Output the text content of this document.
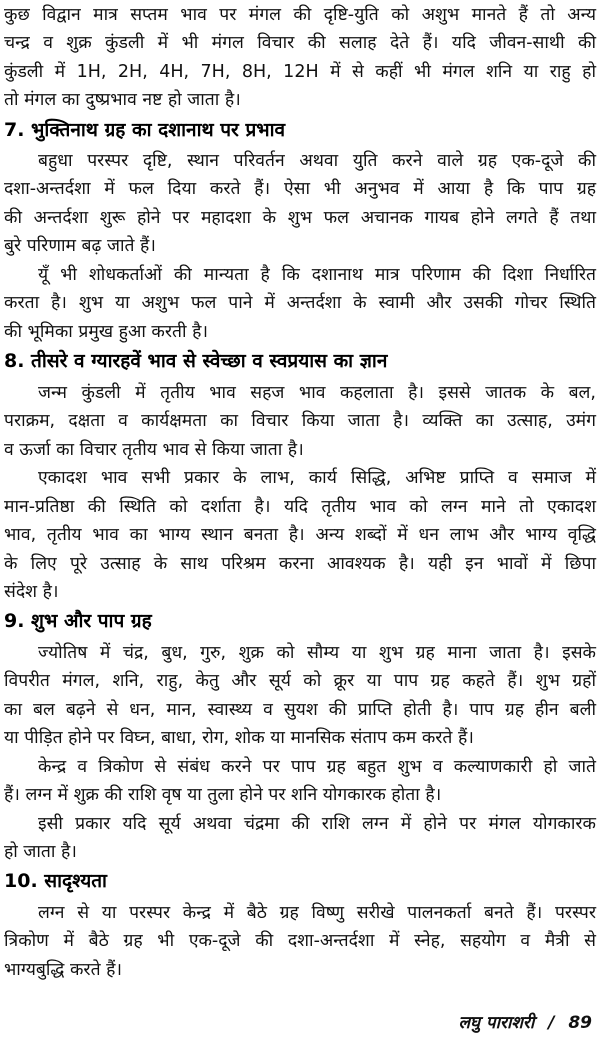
कुछ विद्वान मात्र सप्तम भाव पर मंगल की दृष्टि-युति को अशुभ मानते हैं तो अन्य
चन्द्र व शुक्र कुंडली में भी मंगल विचार की सलाह देते हैं। यदि जीवन-साथी की
कुंडली में 1H, 2H, 4H, 7H, 8H, 12H में से कहीं भी मंगल शनि या राहु हो
तो मंगल का दुष्प्रभाव नष्ट हो जाता है।
7. भुक्तिनाथ ग्रह का दशानाथ पर प्रभाव
बहुधा परस्पर दृष्टि, स्थान परिवर्तन अथवा युति करने वाले ग्रह एक-दूजे की
दशा-अन्तर्दशा में फल दिया करते हैं। ऐसा भी अनुभव में आया है कि पाप ग्रह
की अन्तर्दशा शुरू होने पर महादशा के शुभ फल अचानक गायब होने लगते हैं तथा
बुरे परिणाम बढ़ जाते हैं।
यूँ भी शोधकर्ताओं की मान्यता है कि दशानाथ मात्र परिणाम की दिशा निर्धारित
करता है। शुभ या अशुभ फल पाने में अन्तर्दशा के स्वामी और उसकी गोचर स्थिति
की भूमिका प्रमुख हुआ करती है।
8. तीसरे व ग्यारहवें भाव से स्वेच्छा व स्वप्रयास का ज्ञान
जन्म कुंडली में तृतीय भाव सहज भाव कहलाता है। इससे जातक के बल,
पराक्रम, दक्षता व कार्यक्षमता का विचार किया जाता है। व्यक्ति का उत्साह, उमंग
व ऊर्जा का विचार तृतीय भाव से किया जाता है।
एकादश भाव सभी प्रकार के लाभ, कार्य सिद्धि, अभिष्ट प्राप्ति व समाज में
मान-प्रतिष्ठा की स्थिति को दर्शाता है। यदि तृतीय भाव को लग्न माने तो एकादश
भाव, तृतीय भाव का भाग्य स्थान बनता है। अन्य शब्दों में धन लाभ और भाग्य वृद्धि
के लिए पूरे उत्साह के साथ परिश्रम करना आवश्यक है। यही इन भावों में छिपा
संदेश है।
9. शुभ और पाप ग्रह
ज्योतिष में चंद्र, बुध, गुरु, शुक्र को सौम्य या शुभ ग्रह माना जाता है। इसके
विपरीत मंगल, शनि, राहु, केतु और सूर्य को क्रूर या पाप ग्रह कहते हैं। शुभ ग्रहों
का बल बढ़ने से धन, मान, स्वास्थ्य व सुयश की प्राप्ति होती है। पाप ग्रह हीन बली
या पीड़ित होने पर विघ्न, बाधा, रोग, शोक या मानसिक संताप कम करते हैं।
केन्द्र व त्रिकोण से संबंध करने पर पाप ग्रह बहुत शुभ व कल्याणकारी हो जाते
हैं। लग्न में शुक्र की राशि वृष या तुला होने पर शनि योगकारक होता है।
इसी प्रकार यदि सूर्य अथवा चंद्रमा की राशि लग्न में होने पर मंगल योगकारक
हो जाता है।
10. सादृश्यता
लग्न से या परस्पर केन्द्र में बैठे ग्रह विष्णु सरीखे पालनकर्ता बनते हैं। परस्पर
त्रिकोण में बैठे ग्रह भी एक-दूजे की दशा-अन्तर्दशा में स्नेह, सहयोग व मैत्री से
भाग्यबुद्धि करते हैं।
लघु पाराशरी / 89
